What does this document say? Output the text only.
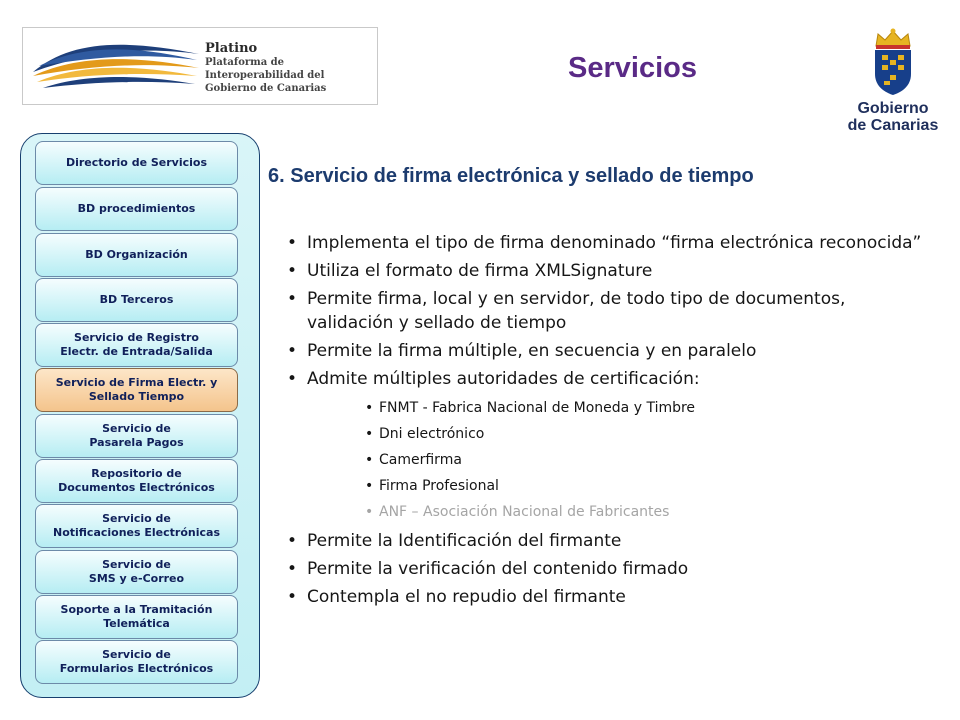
Platino
Plataforma de Interoperabilidad del
Gobierno de Canarias
Servicios
Gobierno
de Canarias
Directorio de Servicios
BD procedimientos
BD Organización
BD Terceros
Servicio de Registro
Electr. de Entrada/Salida
Servicio de Firma Electr. y
Sellado Tiempo
Servicio de
Pasarela Pagos
Repositorio de
Documentos Electrónicos
Servicio de
Notificaciones Electrónicas
Servicio de
SMS y e-Correo
Soporte a la Tramitación
Telemática
Servicio de
Formularios Electrónicos
6. Servicio de firma electrónica y sellado de tiempo
• Implementa el tipo de firma denominado “firma electrónica reconocida”
• Utiliza el formato de firma XMLSignature
• Permite firma, local y en servidor, de todo tipo de documentos, validación y sellado de tiempo
• Permite la firma múltiple, en secuencia y en paralelo
• Admite múltiples autoridades de certificación:
• FNMT - Fabrica Nacional de Moneda y Timbre
• Dni electrónico
• Camerfirma
• Firma Profesional
• ANF – Asociación Nacional de Fabricantes
• Permite la Identificación del firmante
• Permite la verificación del contenido firmado
• Contempla el no repudio del firmante
